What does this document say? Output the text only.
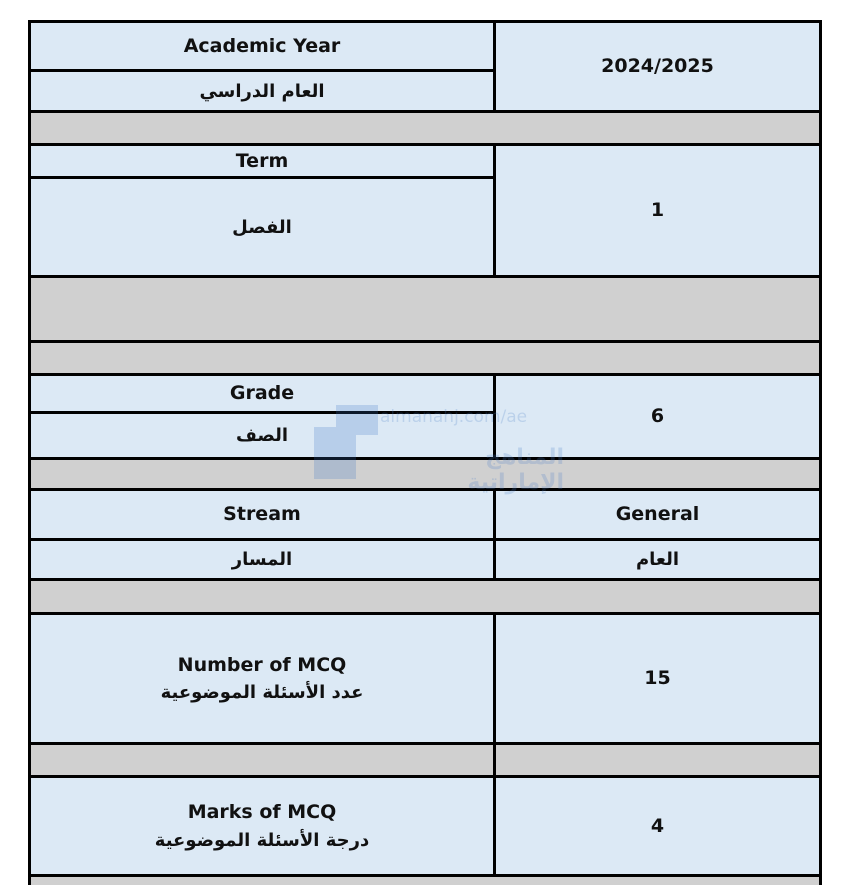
Academic Year
العام الدراسي
2024/2025
Term
الفصل
1
Grade
الصف
6
Stream	General
المسار	العام
Number of MCQ
عدد الأسئلة الموضوعية
15
Marks of MCQ
درجة الأسئلة الموضوعية
4
almanahj.com/ae
المناهج الإماراتية
